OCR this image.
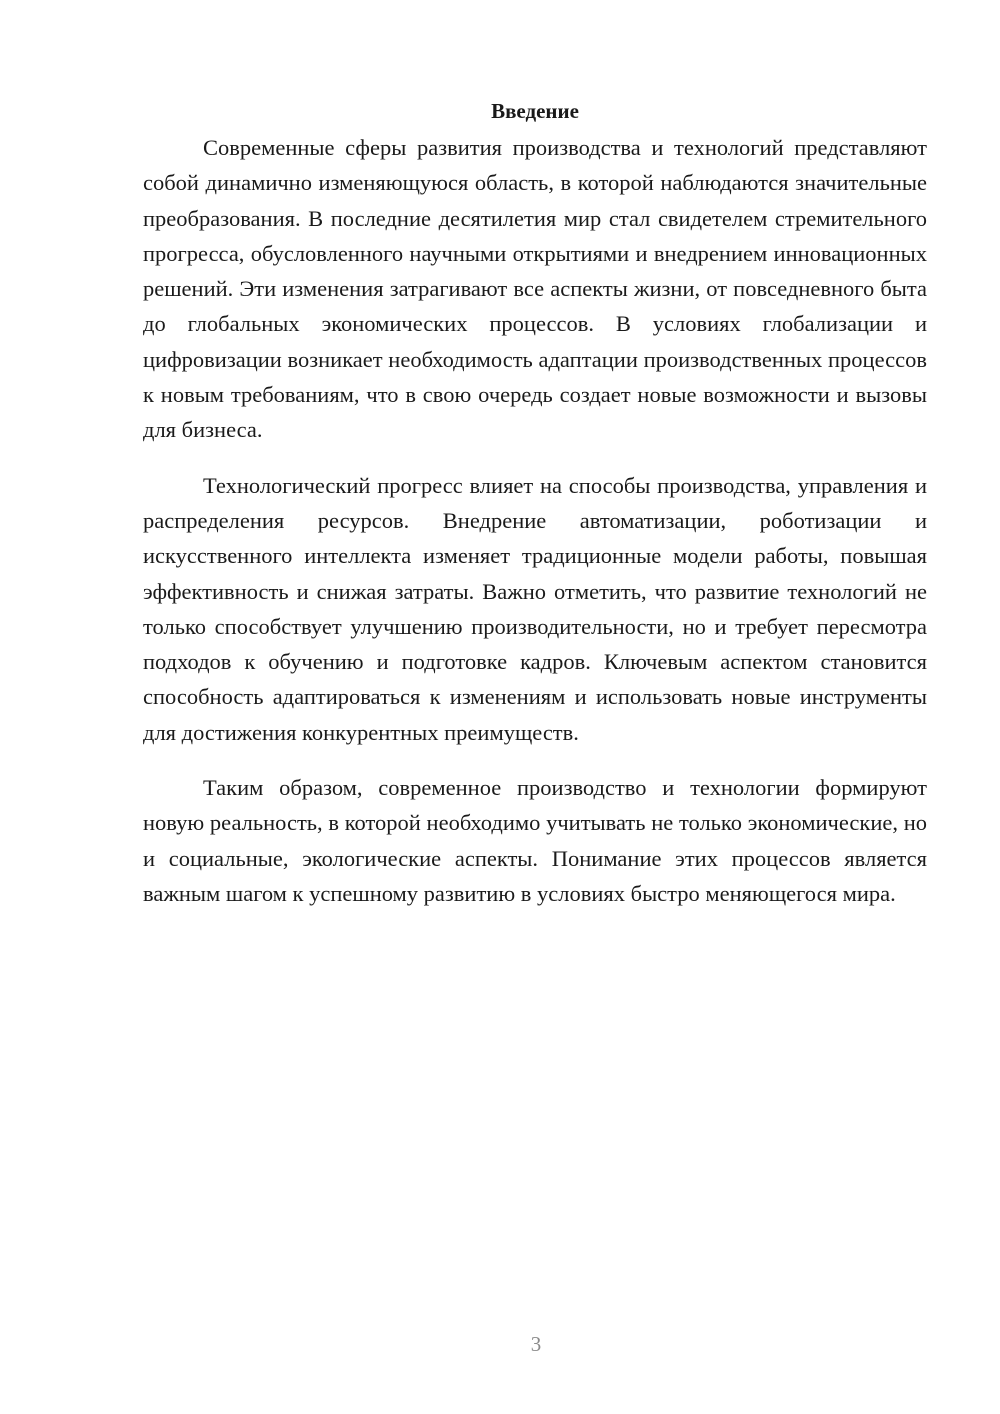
Введение

Современные сферы развития производства и технологий представляют собой динамично изменяющуюся область, в которой наблюдаются значительные преобразования. В последние десятилетия мир стал свидетелем стремительного прогресса, обусловленного научными открытиями и внедрением инновационных решений. Эти изменения затрагивают все аспекты жизни, от повседневного быта до глобальных экономических процессов. В условиях глобализации и цифровизации возникает необходимость адаптации производственных процессов к новым требованиям, что в свою очередь создает новые возможности и вызовы для бизнеса.

Технологический прогресс влияет на способы производства, управления и распределения ресурсов. Внедрение автоматизации, роботизации и искусственного интеллекта изменяет традиционные модели работы, повышая эффективность и снижая затраты. Важно отметить, что развитие технологий не только способствует улучшению производительности, но и требует пересмотра подходов к обучению и подготовке кадров. Ключевым аспектом становится способность адаптироваться к изменениям и использовать новые инструменты для достижения конкурентных преимуществ.

Таким образом, современное производство и технологии формируют новую реальность, в которой необходимо учитывать не только экономические, но и социальные, экологические аспекты. Понимание этих процессов является важным шагом к успешному развитию в условиях быстро меняющегося мира.

3
